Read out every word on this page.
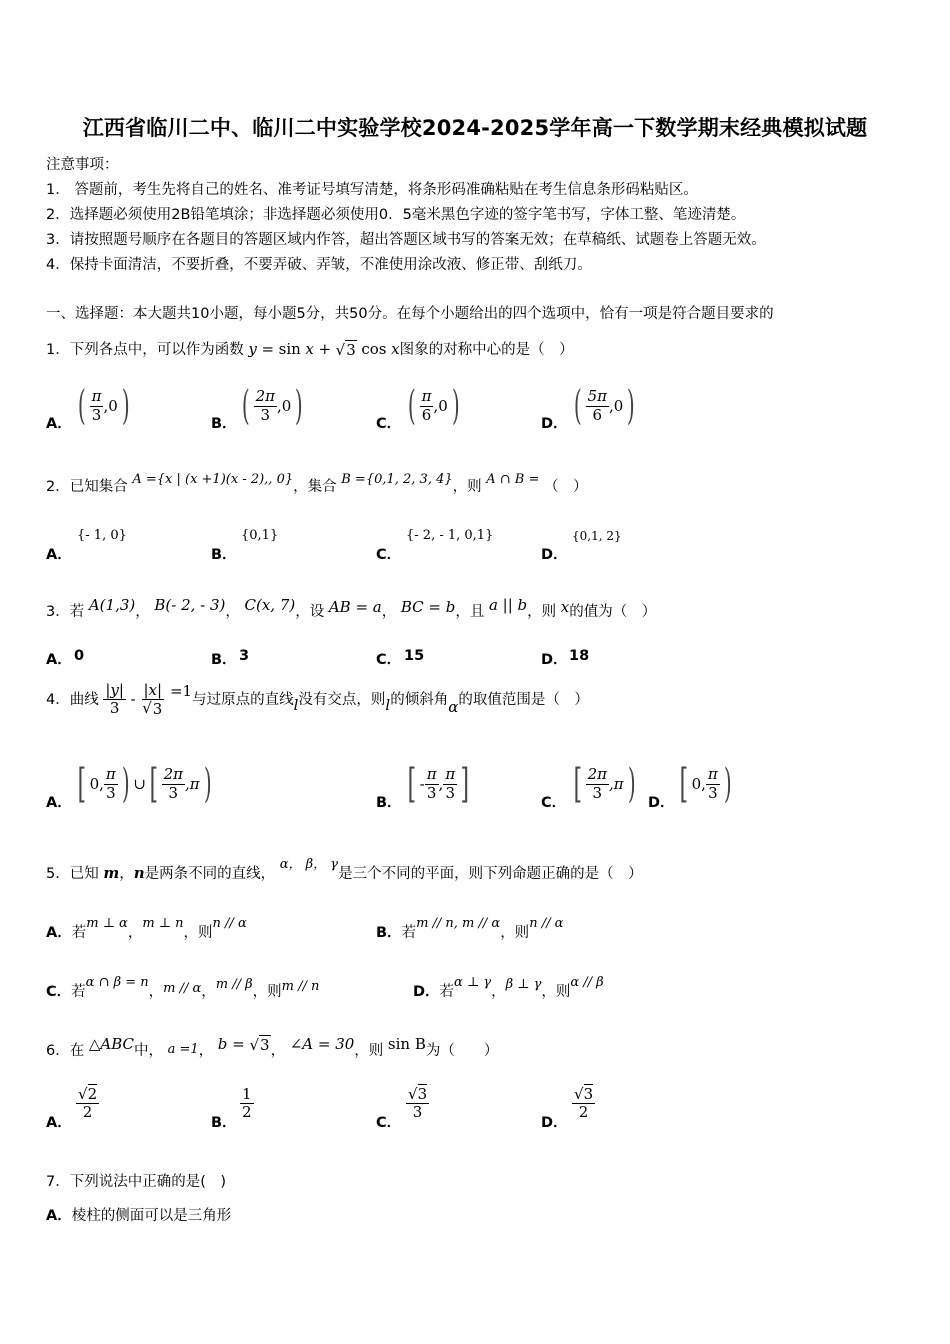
江西省临川二中、临川二中实验学校2024-2025学年高一下数学期末经典模拟试题
注意事项：
1． 答题前，考生先将自己的姓名、准考证号填写清楚，将条形码准确粘贴在考生信息条形码粘贴区。
2．选择题必须使用2B铅笔填涂；非选择题必须使用0．5毫米黑色字迹的签字笔书写，字体工整、笔迹清楚。
3．请按照题号顺序在各题目的答题区域内作答，超出答题区域书写的答案无效；在草稿纸、试题卷上答题无效。
4．保持卡面清洁，不要折叠，不要弄破、弄皱，不准使用涂改液、修正带、刮纸刀。
一、选择题：本大题共10小题，每小题5分，共50分。在每个小题给出的四个选项中，恰有一项是符合题目要求的
1．下列各点中，可以作为函数 y = sin x + √3 cos x图象的对称中心的是（　）
A． ( $\frac{\pi}{3} ,0$ )	B． ( $\frac{2\pi}{3} ,0$ )	C． ( $\frac{\pi}{6} ,0$ )	D． ( $\frac{5\pi}{6} ,0$ )
2．已知集合 A ={x | (x +1)(x - 2),, 0}，集合 B ={0,1, 2, 3, 4}，则 A ∩ B = （　）
A．
{- 1, 0}
B．
{0,1}
C．
{- 2, - 1, 0,1}
D．
{0,1, 2}
3．若 A(1,3)， B(- 2, - 3)， C(x, 7)，设 AB = a， BC = b，且 a || b，则 x的值为（　）
A． 0	B． 3	C． 15	D． 18
4．曲线 $\frac{|y|}{3} - \frac{|x|}{√3} =1$与过原点的直线l没有交点，则l的倾斜角α的取值范围是（　）
A． [ 0, $\frac{\pi}{3}$ ) ∪ [ $\frac{2\pi}{3} ,\pi$ )	B． [ - $\frac{\pi}{3}$ , $\frac{\pi}{3}$ ]	C． [ $\frac{2\pi}{3} ,\pi$ ) D． [ 0, $\frac{\pi}{3}$ )
5．已知 m，n是两条不同的直线， α， β， γ是三个不同的平面，则下列命题正确的是（　）
A．若m ⊥ α，m ⊥ n，则n // α
B．若m // n, m // α，则n // α
C．若α ∩ β = n，m // α，m // β，则m // n	D．若α ⊥ γ，β ⊥ γ，则α // β
6．在 △ABC中， a =1， b = √3， ∠A = 30，则 sin B为（　　）
A．
$\frac{√2}{2}$
B．
$\frac{1}{2}$
C．
$\frac{√3}{3}$
D．
$\frac{√3}{2}$
7．下列说法中正确的是(　)
A．棱柱的侧面可以是三角形
